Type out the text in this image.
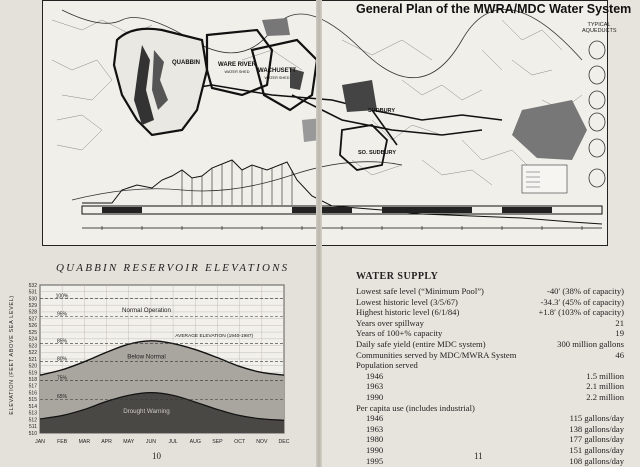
General Plan of the MWRA/MDC Water System
TYPICAL AQUEDUCTS
QUABBIN	WARE RIVER
WATER SHED	WACHUSETT
WATER SHED
SUDBURY
SO. SUDBURY
QUABBIN RESERVOIR ELEVATIONS
ELEVATION (FEET ABOVE SEA LEVEL)
510
511
512
513
514
515
516
517
518
519
520
521
522
523
524
525
526
527
528
529
530
531
532
JAN FEB MAR APR MAY JUN JUL AUG SEP OCT NOV DEC
100%
95%
85%
80%
75%
65%
Normal Operation
Below Normal
Drought Warning
AVERAGE ELEVATION (1940-1987)
10	11
WATER SUPPLY
Lowest safe level (“Minimum Pool”)	-40′ (38% of capacity)
Lowest historic level (3/5/67)	-34.3′ (45% of capacity)
Highest historic level (6/1/84)	+1.8′ (103% of capacity)
Years over spillway	21
Years of 100+% capacity	19
Daily safe yield (entire MDC system)	300 million gallons
Communities served by MDC/MWRA System	46
Population served
1946	1.5 million
1963	2.1 million
1990	2.2 million
Per capita use (includes industrial)
1946	115 gallons/day
1963	138 gallons/day
1980	177 gallons/day
1990	151 gallons/day
1995	108 gallons/day
